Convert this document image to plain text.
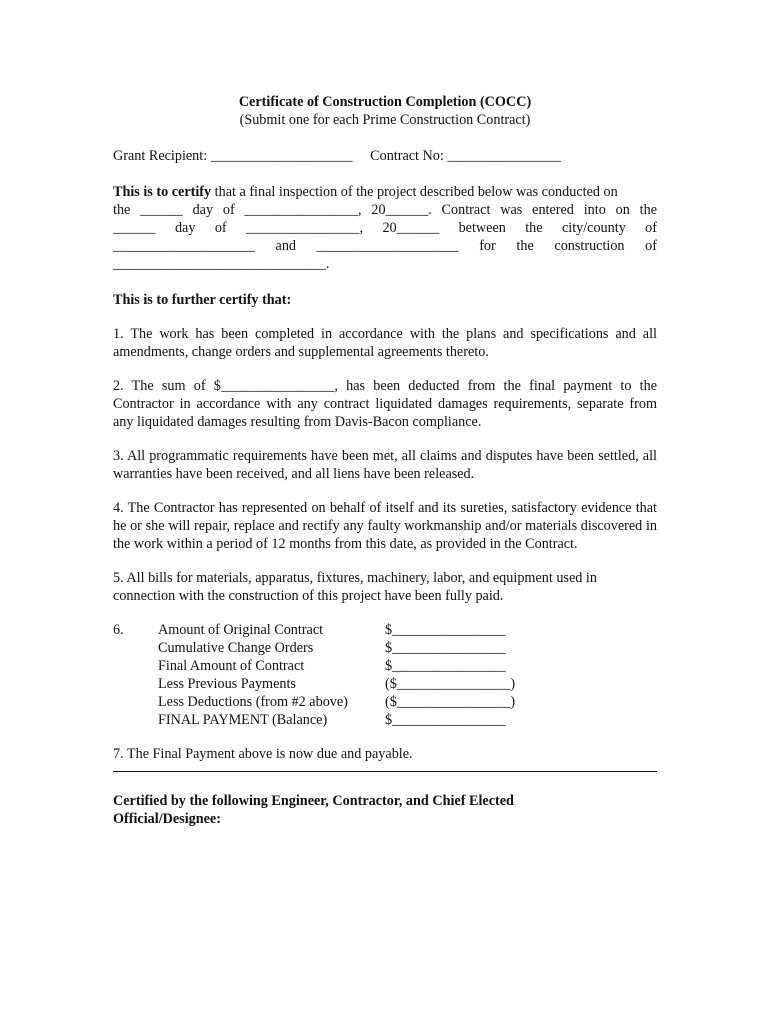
Certificate of Construction Completion (COCC)
(Submit one for each Prime Construction Contract)
Grant Recipient: ____________________ Contract No: ________________
This is to certify that a final inspection of the project described below was conducted on
the ______ day of ________________, 20______. Contract was entered into on the
______ day of ________________, 20______ between the city/county of
____________________ and ____________________ for the construction of
______________________________.
This is to further certify that:
1. The work has been completed in accordance with the plans and specifications and all amendments, change orders and supplemental agreements thereto.
2. The sum of $________________, has been deducted from the final payment to the Contractor in accordance with any contract liquidated damages requirements, separate from any liquidated damages resulting from Davis-Bacon compliance.
3. All programmatic requirements have been met, all claims and disputes have been settled, all warranties have been received, and all liens have been released.
4. The Contractor has represented on behalf of itself and its sureties, satisfactory evidence that he or she will repair, replace and rectify any faulty workmanship and/or materials discovered in the work within a period of 12 months from this date, as provided in the Contract.
5. All bills for materials, apparatus, fixtures, machinery, labor, and equipment used in connection with the construction of this project have been fully paid.
6.	Amount of Original Contract	$________________
Cumulative Change Orders	$________________
Final Amount of Contract	$________________
Less Previous Payments	($________________)
Less Deductions (from #2 above)	($________________)
FINAL PAYMENT (Balance)	$________________
7. The Final Payment above is now due and payable.
Certified by the following Engineer, Contractor, and Chief Elected
Official/Designee:
